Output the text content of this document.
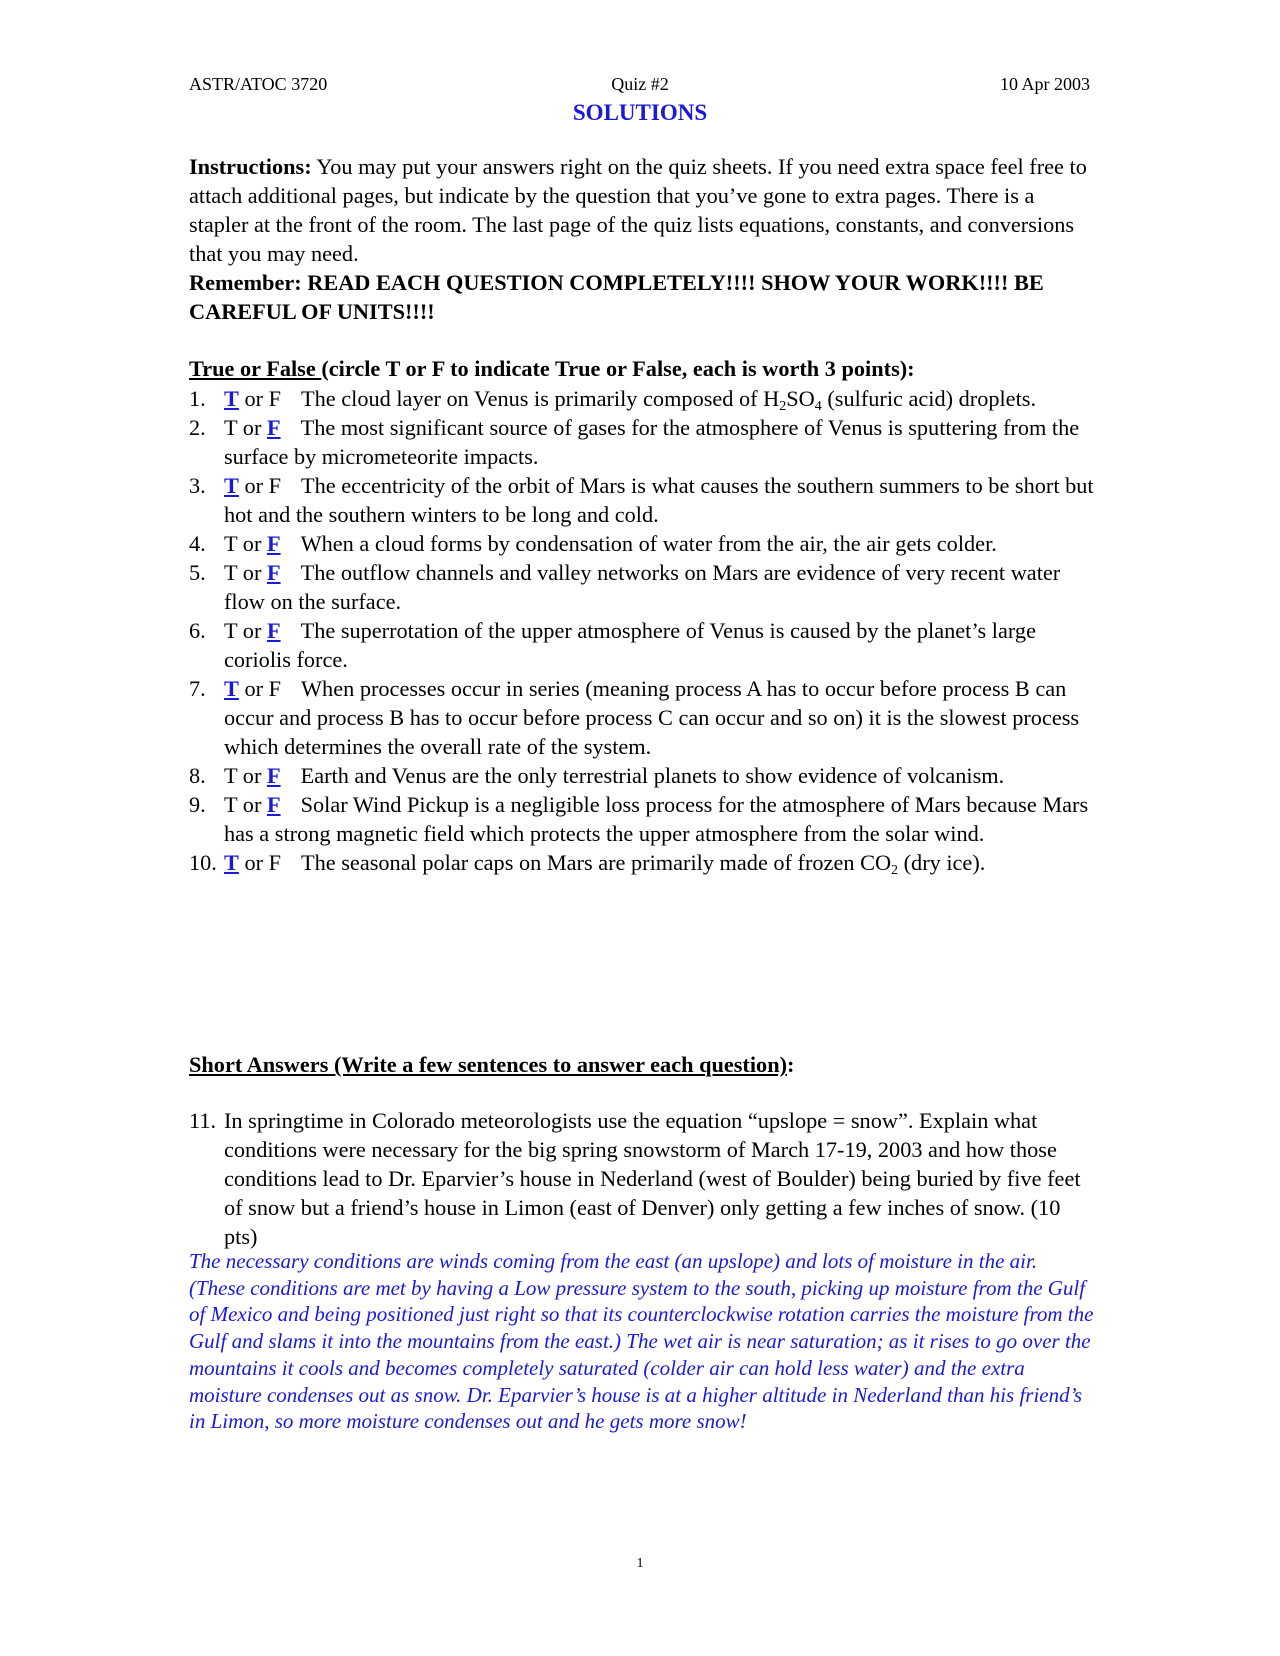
ASTR/ATOC 3720	Quiz #2	10 Apr 2003
SOLUTIONS
Instructions: You may put your answers right on the quiz sheets. If you need extra space feel free to attach additional pages, but indicate by the question that you’ve gone to extra pages. There is a stapler at the front of the room. The last page of the quiz lists equations, constants, and conversions that you may need.
Remember: READ EACH QUESTION COMPLETELY!!!! SHOW YOUR WORK!!!! BE CAREFUL OF UNITS!!!!
True or False (circle T or F to indicate True or False, each is worth 3 points):
1. T or F The cloud layer on Venus is primarily composed of $H_2SO_4$ (sulfuric acid) droplets.
2. T or F The most significant source of gases for the atmosphere of Venus is sputtering from the surface by micrometeorite impacts.
3. T or F The eccentricity of the orbit of Mars is what causes the southern summers to be short but hot and the southern winters to be long and cold.
4. T or F When a cloud forms by condensation of water from the air, the air gets colder.
5. T or F The outflow channels and valley networks on Mars are evidence of very recent water flow on the surface.
6. T or F The superrotation of the upper atmosphere of Venus is caused by the planet’s large coriolis force.
7. T or F When processes occur in series (meaning process A has to occur before process B can occur and process B has to occur before process C can occur and so on) it is the slowest process which determines the overall rate of the system.
8. T or F Earth and Venus are the only terrestrial planets to show evidence of volcanism.
9. T or F Solar Wind Pickup is a negligible loss process for the atmosphere of Mars because Mars has a strong magnetic field which protects the upper atmosphere from the solar wind.
10. T or F The seasonal polar caps on Mars are primarily made of frozen $CO_2$ (dry ice).
Short Answers (Write a few sentences to answer each question):
11. In springtime in Colorado meteorologists use the equation “upslope = snow”. Explain what conditions were necessary for the big spring snowstorm of March 17-19, 2003 and how those conditions lead to Dr. Eparvier’s house in Nederland (west of Boulder) being buried by five feet of snow but a friend’s house in Limon (east of Denver) only getting a few inches of snow. (10 pts)
The necessary conditions are winds coming from the east (an upslope) and lots of moisture in the air. (These conditions are met by having a Low pressure system to the south, picking up moisture from the Gulf of Mexico and being positioned just right so that its counterclockwise rotation carries the moisture from the Gulf and slams it into the mountains from the east.) The wet air is near saturation; as it rises to go over the mountains it cools and becomes completely saturated (colder air can hold less water) and the extra moisture condenses out as snow. Dr. Eparvier’s house is at a higher altitude in Nederland than his friend’s in Limon, so more moisture condenses out and he gets more snow!
1
